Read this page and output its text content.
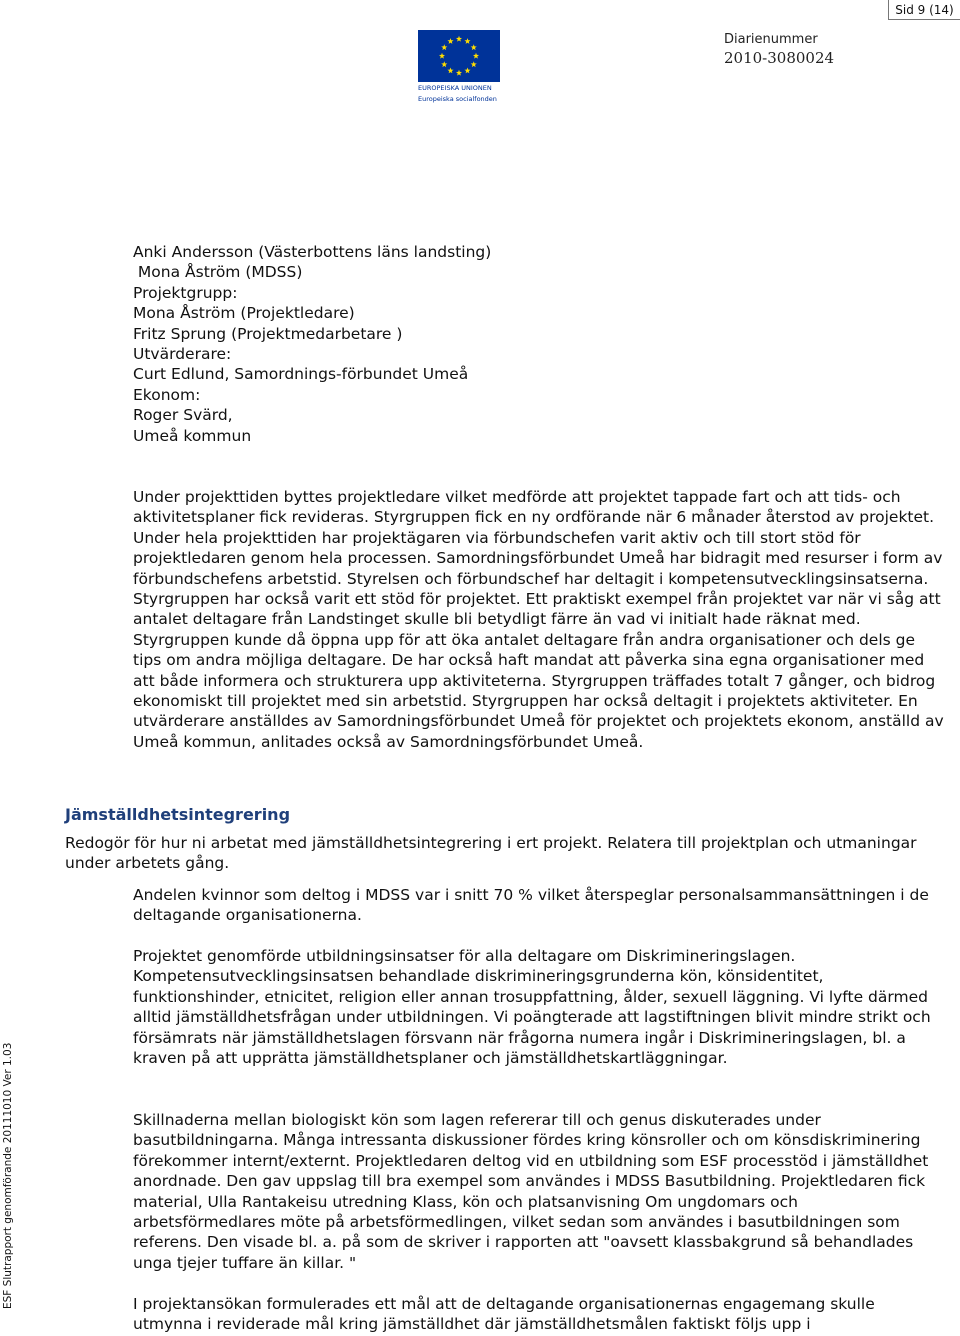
Sid 9 (14)
EUROPEISKA UNIONEN
Europeiska socialfonden
Diarienummer
2010-3080024
ESF Slutrapport genomförande 20111010 Ver 1.03
Anki Andersson (Västerbottens läns landsting)
Mona Åström (MDSS)
Projektgrupp:
Mona Åström (Projektledare)
Fritz Sprung (Projektmedarbetare )
Utvärderare:
Curt Edlund, Samordnings-förbundet Umeå
Ekonom:
Roger Svärd,
Umeå kommun

Under projekttiden byttes projektledare vilket medförde att projektet tappade fart och att tids- och aktivitetsplaner fick revideras. Styrgruppen fick en ny ordförande när 6 månader återstod av projektet. Under hela projekttiden har projektägaren via förbundschefen varit aktiv och till stort stöd för projektledaren genom hela processen. Samordningsförbundet Umeå har bidragit med resurser i form av förbundschefens arbetstid. Styrelsen och förbundschef har deltagit i kompetensutvecklingsinsatserna. Styrgruppen har också varit ett stöd för projektet. Ett praktiskt exempel från projektet var när vi såg att antalet deltagare från Landstinget skulle bli betydligt färre än vad vi initialt hade räknat med. Styrgruppen kunde då öppna upp för att öka antalet deltagare från andra organisationer och dels ge tips om andra möjliga deltagare. De har också haft mandat att påverka sina egna organisationer med att både informera och strukturera upp aktiviteterna. Styrgruppen träffades totalt 7 gånger, och bidrog ekonomiskt till projektet med sin arbetstid. Styrgruppen har också deltagit i projektets aktiviteter. En utvärderare anställdes av Samordningsförbundet Umeå för projektet och projektets ekonom, anställd av Umeå kommun, anlitades också av Samordningsförbundet Umeå.

Jämställdhetsintegrering

Redogör för hur ni arbetat med jämställdhetsintegrering i ert projekt. Relatera till projektplan och utmaningar under arbetets gång.

Andelen kvinnor som deltog i MDSS var i snitt 70 % vilket återspeglar personalsammansättningen i de deltagande organisationerna.

Projektet genomförde utbildningsinsatser för alla deltagare om Diskrimineringslagen. Kompetensutvecklingsinsatsen behandlade diskrimineringsgrunderna kön, könsidentitet, funktionshinder, etnicitet, religion eller annan trosuppfattning, ålder, sexuell läggning. Vi lyfte därmed alltid jämställdhetsfrågan under utbildningen. Vi poängterade att lagstiftningen blivit mindre strikt och försämrats när jämställdhetslagen försvann när frågorna numera ingår i Diskrimineringslagen, bl. a kraven på att upprätta jämställdhetsplaner och jämställdhetskartläggningar.

Skillnaderna mellan biologiskt kön som lagen refererar till och genus diskuterades under basutbildningarna. Många intressanta diskussioner fördes kring könsroller och om könsdiskriminering förekommer internt/externt. Projektledaren deltog vid en utbildning som ESF processtöd i jämställdhet anordnade. Den gav uppslag till bra exempel som användes i MDSS Basutbildning. Projektledaren fick material, Ulla Rantakeisu utredning Klass, kön och platsanvisning Om ungdomars och arbetsförmedlares möte på arbetsförmedlingen, vilket sedan som användes i basutbildningen som referens. Den visade bl. a. på som de skriver i rapporten att "oavsett klassbakgrund så behandlades unga tjejer tuffare än killar. "

I projektansökan formulerades ett mål att de deltagande organisationernas engagemang skulle utmynna i reviderade mål kring jämställdhet där jämställdhetsmålen faktiskt följs upp i
